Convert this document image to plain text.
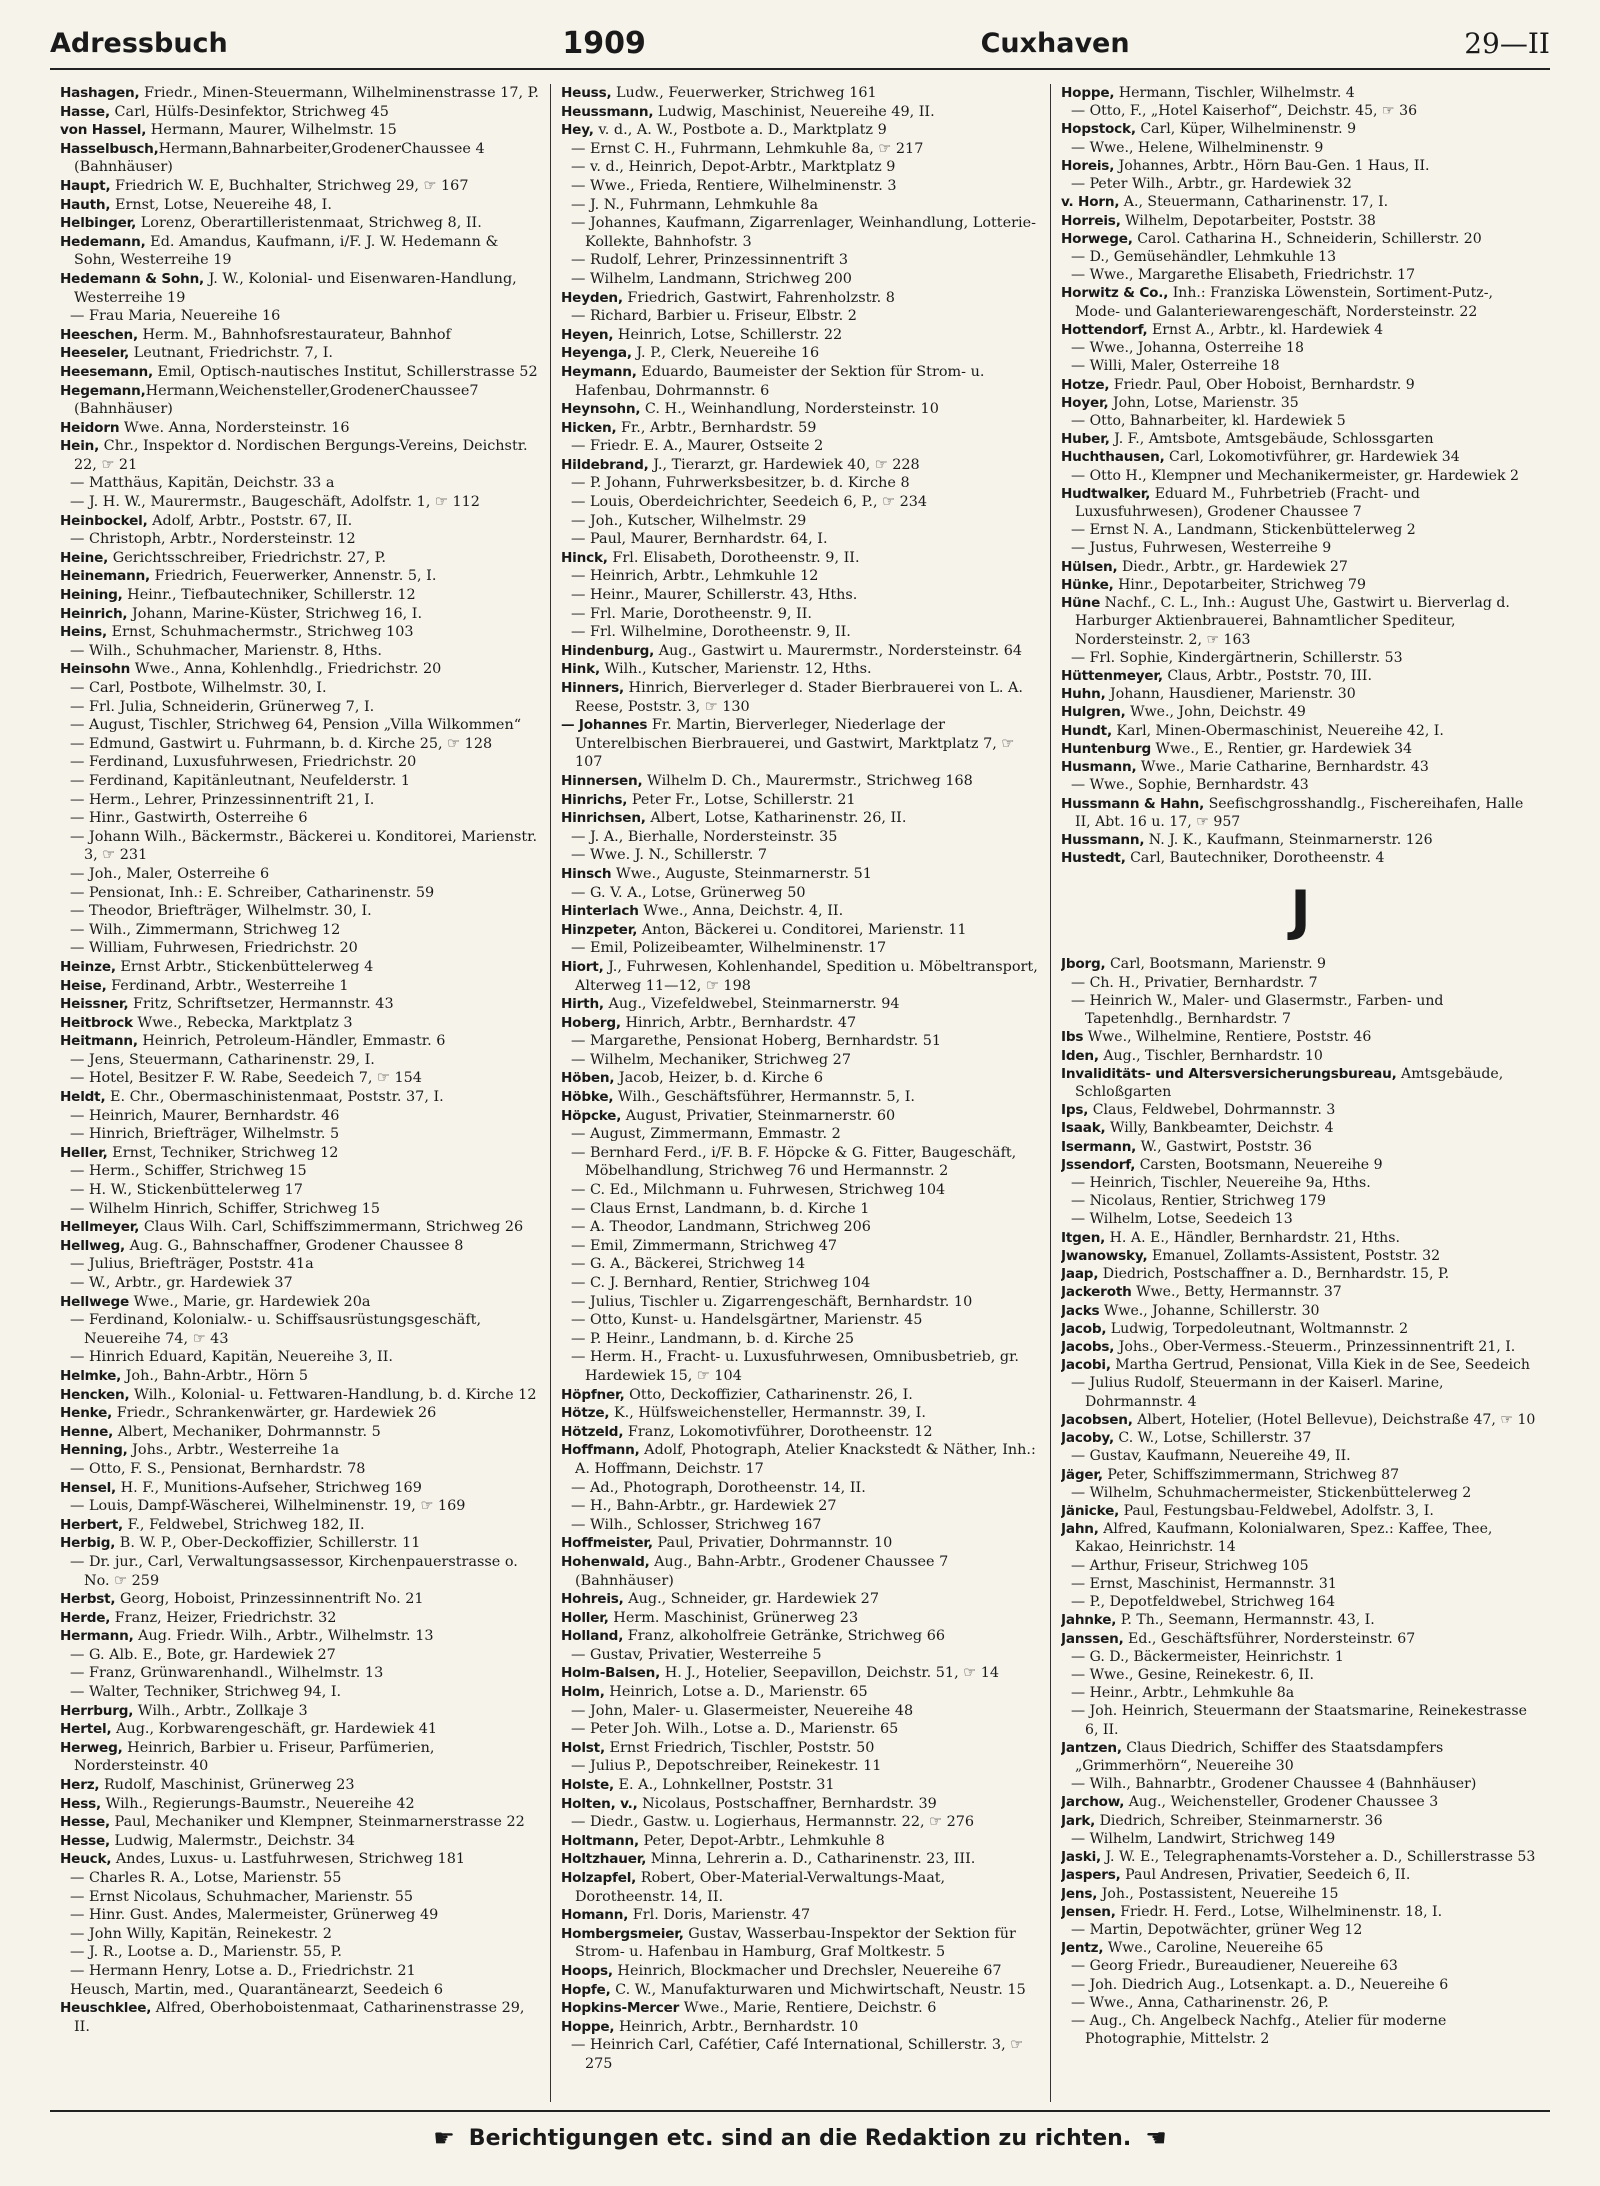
Adressbuch	1909	Cuxhaven	29—II
Hashagen, Friedr., Minen-Steuermann, Wilhelminenstrasse 17, P.
Hasse, Carl, Hülfs-Desinfektor, Strichweg 45
von Hassel, Hermann, Maurer, Wilhelmstr. 15
Hasselbusch,Hermann,Bahnarbeiter,GrodenerChaussee 4 (Bahnhäuser)
Haupt, Friedrich W. E, Buchhalter, Strichweg 29, ☞ 167
Hauth, Ernst, Lotse, Neuereihe 48, I.
Helbinger, Lorenz, Oberartilleristenmaat, Strichweg 8, II.
Hedemann, Ed. Amandus, Kaufmann, i/F. J. W. Hedemann & Sohn, Westerreihe 19
Hedemann & Sohn, J. W., Kolonial- und Eisenwaren-Handlung, Westerreihe 19
— Frau Maria, Neuereihe 16
Heeschen, Herm. M., Bahnhofsrestaurateur, Bahnhof
Heeseler, Leutnant, Friedrichstr. 7, I.
Heesemann, Emil, Optisch-nautisches Institut, Schillerstrasse 52
Hegemann,Hermann,Weichensteller,GrodenerChaussee7 (Bahnhäuser)
Heidorn Wwe. Anna, Nordersteinstr. 16
Hein, Chr., Inspektor d. Nordischen Bergungs-Vereins, Deichstr. 22, ☞ 21
— Matthäus, Kapitän, Deichstr. 33 a
— J. H. W., Maurermstr., Baugeschäft, Adolfstr. 1, ☞ 112
Heinbockel, Adolf, Arbtr., Poststr. 67, II.
— Christoph, Arbtr., Nordersteinstr. 12
Heine, Gerichtsschreiber, Friedrichstr. 27, P.
Heinemann, Friedrich, Feuerwerker, Annenstr. 5, I.
Heining, Heinr., Tiefbautechniker, Schillerstr. 12
Heinrich, Johann, Marine-Küster, Strichweg 16, I.
Heins, Ernst, Schuhmachermstr., Strichweg 103
— Wilh., Schuhmacher, Marienstr. 8, Hths.
Heinsohn Wwe., Anna, Kohlenhdlg., Friedrichstr. 20
— Carl, Postbote, Wilhelmstr. 30, I.
— Frl. Julia, Schneiderin, Grünerweg 7, I.
— August, Tischler, Strichweg 64, Pension „Villa Wilkommen“
— Edmund, Gastwirt u. Fuhrmann, b. d. Kirche 25, ☞ 128
— Ferdinand, Luxusfuhrwesen, Friedrichstr. 20
— Ferdinand, Kapitänleutnant, Neufelderstr. 1
— Herm., Lehrer, Prinzessinnentrift 21, I.
— Hinr., Gastwirth, Osterreihe 6
— Johann Wilh., Bäckermstr., Bäckerei u. Konditorei, Marienstr. 3, ☞ 231
— Joh., Maler, Osterreihe 6
— Pensionat, Inh.: E. Schreiber, Catharinenstr. 59
— Theodor, Briefträger, Wilhelmstr. 30, I.
— Wilh., Zimmermann, Strichweg 12
— William, Fuhrwesen, Friedrichstr. 20
Heinze, Ernst Arbtr., Stickenbüttelerweg 4
Heise, Ferdinand, Arbtr., Westerreihe 1
Heissner, Fritz, Schriftsetzer, Hermannstr. 43
Heitbrock Wwe., Rebecka, Marktplatz 3
Heitmann, Heinrich, Petroleum-Händler, Emmastr. 6
— Jens, Steuermann, Catharinenstr. 29, I.
— Hotel, Besitzer F. W. Rabe, Seedeich 7, ☞ 154
Heldt, E. Chr., Obermaschinistenmaat, Poststr. 37, I.
— Heinrich, Maurer, Bernhardstr. 46
— Hinrich, Briefträger, Wilhelmstr. 5
Heller, Ernst, Techniker, Strichweg 12
— Herm., Schiffer, Strichweg 15
— H. W., Stickenbüttelerweg 17
— Wilhelm Hinrich, Schiffer, Strichweg 15
Hellmeyer, Claus Wilh. Carl, Schiffszimmermann, Strichweg 26
Hellweg, Aug. G., Bahnschaffner, Grodener Chaussee 8
— Julius, Briefträger, Poststr. 41a
— W., Arbtr., gr. Hardewiek 37
Hellwege Wwe., Marie, gr. Hardewiek 20a
— Ferdinand, Kolonialw.- u. Schiffsausrüstungsgeschäft, Neuereihe 74, ☞ 43
— Hinrich Eduard, Kapitän, Neuereihe 3, II.
Helmke, Joh., Bahn-Arbtr., Hörn 5
Hencken, Wilh., Kolonial- u. Fettwaren-Handlung, b. d. Kirche 12
Henke, Friedr., Schrankenwärter, gr. Hardewiek 26
Henne, Albert, Mechaniker, Dohrmannstr. 5
Henning, Johs., Arbtr., Westerreihe 1a
— Otto, F. S., Pensionat, Bernhardstr. 78
Hensel, H. F., Munitions-Aufseher, Strichweg 169
— Louis, Dampf-Wäscherei, Wilhelminenstr. 19, ☞ 169
Herbert, F., Feldwebel, Strichweg 182, II.
Herbig, B. W. P., Ober-Deckoffizier, Schillerstr. 11
— Dr. jur., Carl, Verwaltungsassessor, Kirchenpauerstrasse o. No. ☞ 259
Herbst, Georg, Hoboist, Prinzessinnentrift No. 21
Herde, Franz, Heizer, Friedrichstr. 32
Hermann, Aug. Friedr. Wilh., Arbtr., Wilhelmstr. 13
— G. Alb. E., Bote, gr. Hardewiek 27
— Franz, Grünwarenhandl., Wilhelmstr. 13
— Walter, Techniker, Strichweg 94, I.
Herrburg, Wilh., Arbtr., Zollkaje 3
Hertel, Aug., Korbwarengeschäft, gr. Hardewiek 41
Herweg, Heinrich, Barbier u. Friseur, Parfümerien, Nordersteinstr. 40
Herz, Rudolf, Maschinist, Grünerweg 23
Hess, Wilh., Regierungs-Baumstr., Neuereihe 42
Hesse, Paul, Mechaniker und Klempner, Steinmarnerstrasse 22
Hesse, Ludwig, Malermstr., Deichstr. 34
Heuck, Andes, Luxus- u. Lastfuhrwesen, Strichweg 181
— Charles R. A., Lotse, Marienstr. 55
— Ernst Nicolaus, Schuhmacher, Marienstr. 55
— Hinr. Gust. Andes, Malermeister, Grünerweg 49
— John Willy, Kapitän, Reinekestr. 2
— J. R., Lootse a. D., Marienstr. 55, P.
— Hermann Henry, Lotse a. D., Friedrichstr. 21
Heusch, Martin, med., Quarantänearzt, Seedeich 6
Heuschklee, Alfred, Oberhoboistenmaat, Catharinenstrasse 29, II.
Heuss, Ludw., Feuerwerker, Strichweg 161
Heussmann, Ludwig, Maschinist, Neuereihe 49, II.
Hey, v. d., A. W., Postbote a. D., Marktplatz 9
— Ernst C. H., Fuhrmann, Lehmkuhle 8a, ☞ 217
— v. d., Heinrich, Depot-Arbtr., Marktplatz 9
— Wwe., Frieda, Rentiere, Wilhelminenstr. 3
— J. N., Fuhrmann, Lehmkuhle 8a
— Johannes, Kaufmann, Zigarrenlager, Weinhandlung, Lotterie-Kollekte, Bahnhofstr. 3
— Rudolf, Lehrer, Prinzessinnentrift 3
— Wilhelm, Landmann, Strichweg 200
Heyden, Friedrich, Gastwirt, Fahrenholzstr. 8
— Richard, Barbier u. Friseur, Elbstr. 2
Heyen, Heinrich, Lotse, Schillerstr. 22
Heyenga, J. P., Clerk, Neuereihe 16
Heymann, Eduardo, Baumeister der Sektion für Strom- u. Hafenbau, Dohrmannstr. 6
Heynsohn, C. H., Weinhandlung, Nordersteinstr. 10
Hicken, Fr., Arbtr., Bernhardstr. 59
— Friedr. E. A., Maurer, Ostseite 2
Hildebrand, J., Tierarzt, gr. Hardewiek 40, ☞ 228
— P. Johann, Fuhrwerksbesitzer, b. d. Kirche 8
— Louis, Oberdeichrichter, Seedeich 6, P., ☞ 234
— Joh., Kutscher, Wilhelmstr. 29
— Paul, Maurer, Bernhardstr. 64, I.
Hinck, Frl. Elisabeth, Dorotheenstr. 9, II.
— Heinrich, Arbtr., Lehmkuhle 12
— Heinr., Maurer, Schillerstr. 43, Hths.
— Frl. Marie, Dorotheenstr. 9, II.
— Frl. Wilhelmine, Dorotheenstr. 9, II.
Hindenburg, Aug., Gastwirt u. Maurermstr., Nordersteinstr. 64
Hink, Wilh., Kutscher, Marienstr. 12, Hths.
Hinners, Hinrich, Bierverleger d. Stader Bierbrauerei von L. A. Reese, Poststr. 3, ☞ 130
— Johannes Fr. Martin, Bierverleger, Niederlage der Unterelbischen Bierbrauerei, und Gastwirt, Marktplatz 7, ☞ 107
Hinnersen, Wilhelm D. Ch., Maurermstr., Strichweg 168
Hinrichs, Peter Fr., Lotse, Schillerstr. 21
Hinrichsen, Albert, Lotse, Katharinenstr. 26, II.
— J. A., Bierhalle, Nordersteinstr. 35
— Wwe. J. N., Schillerstr. 7
Hinsch Wwe., Auguste, Steinmarnerstr. 51
— G. V. A., Lotse, Grünerweg 50
Hinterlach Wwe., Anna, Deichstr. 4, II.
Hinzpeter, Anton, Bäckerei u. Conditorei, Marienstr. 11
— Emil, Polizeibeamter, Wilhelminenstr. 17
Hiort, J., Fuhrwesen, Kohlenhandel, Spedition u. Möbeltransport, Alterweg 11—12, ☞ 198
Hirth, Aug., Vizefeldwebel, Steinmarnerstr. 94
Hoberg, Hinrich, Arbtr., Bernhardstr. 47
— Margarethe, Pensionat Hoberg, Bernhardstr. 51
— Wilhelm, Mechaniker, Strichweg 27
Höben, Jacob, Heizer, b. d. Kirche 6
Höbke, Wilh., Geschäftsführer, Hermannstr. 5, I.
Höpcke, August, Privatier, Steinmarnerstr. 60
— August, Zimmermann, Emmastr. 2
— Bernhard Ferd., i/F. B. F. Höpcke & G. Fitter, Baugeschäft, Möbelhandlung, Strichweg 76 und Hermannstr. 2
— C. Ed., Milchmann u. Fuhrwesen, Strichweg 104
— Claus Ernst, Landmann, b. d. Kirche 1
— A. Theodor, Landmann, Strichweg 206
— Emil, Zimmermann, Strichweg 47
— G. A., Bäckerei, Strichweg 14
— C. J. Bernhard, Rentier, Strichweg 104
— Julius, Tischler u. Zigarrengeschäft, Bernhardstr. 10
— Otto, Kunst- u. Handelsgärtner, Marienstr. 45
— P. Heinr., Landmann, b. d. Kirche 25
— Herm. H., Fracht- u. Luxusfuhrwesen, Omnibusbetrieb, gr. Hardewiek 15, ☞ 104
Höpfner, Otto, Deckoffizier, Catharinenstr. 26, I.
Hötze, K., Hülfsweichensteller, Hermannstr. 39, I.
Hötzeld, Franz, Lokomotivführer, Dorotheenstr. 12
Hoffmann, Adolf, Photograph, Atelier Knackstedt & Näther, Inh.: A. Hoffmann, Deichstr. 17
— Ad., Photograph, Dorotheenstr. 14, II.
— H., Bahn-Arbtr., gr. Hardewiek 27
— Wilh., Schlosser, Strichweg 167
Hoffmeister, Paul, Privatier, Dohrmannstr. 10
Hohenwald, Aug., Bahn-Arbtr., Grodener Chaussee 7 (Bahnhäuser)
Hohreis, Aug., Schneider, gr. Hardewiek 27
Holler, Herm. Maschinist, Grünerweg 23
Holland, Franz, alkoholfreie Getränke, Strichweg 66
— Gustav, Privatier, Westerreihe 5
Holm-Balsen, H. J., Hotelier, Seepavillon, Deichstr. 51, ☞ 14
Holm, Heinrich, Lotse a. D., Marienstr. 65
— John, Maler- u. Glasermeister, Neuereihe 48
— Peter Joh. Wilh., Lotse a. D., Marienstr. 65
Holst, Ernst Friedrich, Tischler, Poststr. 50
— Julius P., Depotschreiber, Reinekestr. 11
Holste, E. A., Lohnkellner, Poststr. 31
Holten, v., Nicolaus, Postschaffner, Bernhardstr. 39
— Diedr., Gastw. u. Logierhaus, Hermannstr. 22, ☞ 276
Holtmann, Peter, Depot-Arbtr., Lehmkuhle 8
Holtzhauer, Minna, Lehrerin a. D., Catharinenstr. 23, III.
Holzapfel, Robert, Ober-Material-Verwaltungs-Maat, Dorotheenstr. 14, II.
Homann, Frl. Doris, Marienstr. 47
Hombergsmeier, Gustav, Wasserbau-Inspektor der Sektion für Strom- u. Hafenbau in Hamburg, Graf Moltkestr. 5
Hoops, Heinrich, Blockmacher und Drechsler, Neuereihe 67
Hopfe, C. W., Manufakturwaren und Michwirtschaft, Neustr. 15
Hopkins-Mercer Wwe., Marie, Rentiere, Deichstr. 6
Hoppe, Heinrich, Arbtr., Bernhardstr. 10
— Heinrich Carl, Cafétier, Café International, Schillerstr. 3, ☞ 275
Hoppe, Hermann, Tischler, Wilhelmstr. 4
— Otto, F., „Hotel Kaiserhof“, Deichstr. 45, ☞ 36
Hopstock, Carl, Küper, Wilhelminenstr. 9
— Wwe., Helene, Wilhelminenstr. 9
Horeis, Johannes, Arbtr., Hörn Bau-Gen. 1 Haus, II.
— Peter Wilh., Arbtr., gr. Hardewiek 32
v. Horn, A., Steuermann, Catharinenstr. 17, I.
Horreis, Wilhelm, Depotarbeiter, Poststr. 38
Horwege, Carol. Catharina H., Schneiderin, Schillerstr. 20
— D., Gemüsehändler, Lehmkuhle 13
— Wwe., Margarethe Elisabeth, Friedrichstr. 17
Horwitz & Co., Inh.: Franziska Löwenstein, Sortiment-Putz-, Mode- und Galanteriewarengeschäft, Nordersteinstr. 22
Hottendorf, Ernst A., Arbtr., kl. Hardewiek 4
— Wwe., Johanna, Osterreihe 18
— Willi, Maler, Osterreihe 18
Hotze, Friedr. Paul, Ober Hoboist, Bernhardstr. 9
Hoyer, John, Lotse, Marienstr. 35
— Otto, Bahnarbeiter, kl. Hardewiek 5
Huber, J. F., Amtsbote, Amtsgebäude, Schlossgarten
Huchthausen, Carl, Lokomotivführer, gr. Hardewiek 34
— Otto H., Klempner und Mechanikermeister, gr. Hardewiek 2
Hudtwalker, Eduard M., Fuhrbetrieb (Fracht- und Luxusfuhrwesen), Grodener Chaussee 7
— Ernst N. A., Landmann, Stickenbüttelerweg 2
— Justus, Fuhrwesen, Westerreihe 9
Hülsen, Diedr., Arbtr., gr. Hardewiek 27
Hünke, Hinr., Depotarbeiter, Strichweg 79
Hüne Nachf., C. L., Inh.: August Uhe, Gastwirt u. Bierverlag d. Harburger Aktienbrauerei, Bahnamtlicher Spediteur, Nordersteinstr. 2, ☞ 163
— Frl. Sophie, Kindergärtnerin, Schillerstr. 53
Hüttenmeyer, Claus, Arbtr., Poststr. 70, III.
Huhn, Johann, Hausdiener, Marienstr. 30
Hulgren, Wwe., John, Deichstr. 49
Hundt, Karl, Minen-Obermaschinist, Neuereihe 42, I.
Huntenburg Wwe., E., Rentier, gr. Hardewiek 34
Husmann, Wwe., Marie Catharine, Bernhardstr. 43
— Wwe., Sophie, Bernhardstr. 43
Hussmann & Hahn, Seefischgrosshandlg., Fischereihafen, Halle II, Abt. 16 u. 17, ☞ 957
Hussmann, N. J. K., Kaufmann, Steinmarnerstr. 126
Hustedt, Carl, Bautechniker, Dorotheenstr. 4
J
Jborg, Carl, Bootsmann, Marienstr. 9
— Ch. H., Privatier, Bernhardstr. 7
— Heinrich W., Maler- und Glasermstr., Farben- und Tapetenhdlg., Bernhardstr. 7
Ibs Wwe., Wilhelmine, Rentiere, Poststr. 46
Iden, Aug., Tischler, Bernhardstr. 10
Invaliditäts- und Altersversicherungsbureau, Amtsgebäude, Schloßgarten
Ips, Claus, Feldwebel, Dohrmannstr. 3
Isaak, Willy, Bankbeamter, Deichstr. 4
Isermann, W., Gastwirt, Poststr. 36
Jssendorf, Carsten, Bootsmann, Neuereihe 9
— Heinrich, Tischler, Neuereihe 9a, Hths.
— Nicolaus, Rentier, Strichweg 179
— Wilhelm, Lotse, Seedeich 13
Itgen, H. A. E., Händler, Bernhardstr. 21, Hths.
Jwanowsky, Emanuel, Zollamts-Assistent, Poststr. 32
Jaap, Diedrich, Postschaffner a. D., Bernhardstr. 15, P.
Jackeroth Wwe., Betty, Hermannstr. 37
Jacks Wwe., Johanne, Schillerstr. 30
Jacob, Ludwig, Torpedoleutnant, Woltmannstr. 2
Jacobs, Johs., Ober-Vermess.-Steuerm., Prinzessinnentrift 21, I.
Jacobi, Martha Gertrud, Pensionat, Villa Kiek in de See, Seedeich
— Julius Rudolf, Steuermann in der Kaiserl. Marine, Dohrmannstr. 4
Jacobsen, Albert, Hotelier, (Hotel Bellevue), Deichstraße 47, ☞ 10
Jacoby, C. W., Lotse, Schillerstr. 37
— Gustav, Kaufmann, Neuereihe 49, II.
Jäger, Peter, Schiffszimmermann, Strichweg 87
— Wilhelm, Schuhmachermeister, Stickenbüttelerweg 2
Jänicke, Paul, Festungsbau-Feldwebel, Adolfstr. 3, I.
Jahn, Alfred, Kaufmann, Kolonialwaren, Spez.: Kaffee, Thee, Kakao, Heinrichstr. 14
— Arthur, Friseur, Strichweg 105
— Ernst, Maschinist, Hermannstr. 31
— P., Depotfeldwebel, Strichweg 164
Jahnke, P. Th., Seemann, Hermannstr. 43, I.
Janssen, Ed., Geschäftsführer, Nordersteinstr. 67
— G. D., Bäckermeister, Heinrichstr. 1
— Wwe., Gesine, Reinekestr. 6, II.
— Heinr., Arbtr., Lehmkuhle 8a
— Joh. Heinrich, Steuermann der Staatsmarine, Reinekestrasse 6, II.
Jantzen, Claus Diedrich, Schiffer des Staatsdampfers „Grimmerhörn“, Neuereihe 30
— Wilh., Bahnarbtr., Grodener Chaussee 4 (Bahnhäuser)
Jarchow, Aug., Weichensteller, Grodener Chaussee 3
Jark, Diedrich, Schreiber, Steinmarnerstr. 36
— Wilhelm, Landwirt, Strichweg 149
Jaski, J. W. E., Telegraphenamts-Vorsteher a. D., Schillerstrasse 53
Jaspers, Paul Andresen, Privatier, Seedeich 6, II.
Jens, Joh., Postassistent, Neuereihe 15
Jensen, Friedr. H. Ferd., Lotse, Wilhelminenstr. 18, I.
— Martin, Depotwächter, grüner Weg 12
Jentz, Wwe., Caroline, Neuereihe 65
— Georg Friedr., Bureaudiener, Neuereihe 63
— Joh. Diedrich Aug., Lotsenkapt. a. D., Neuereihe 6
— Wwe., Anna, Catharinenstr. 26, P.
— Aug., Ch. Angelbeck Nachfg., Atelier für moderne Photographie, Mittelstr. 2
☛ Berichtigungen etc. sind an die Redaktion zu richten. ☚
